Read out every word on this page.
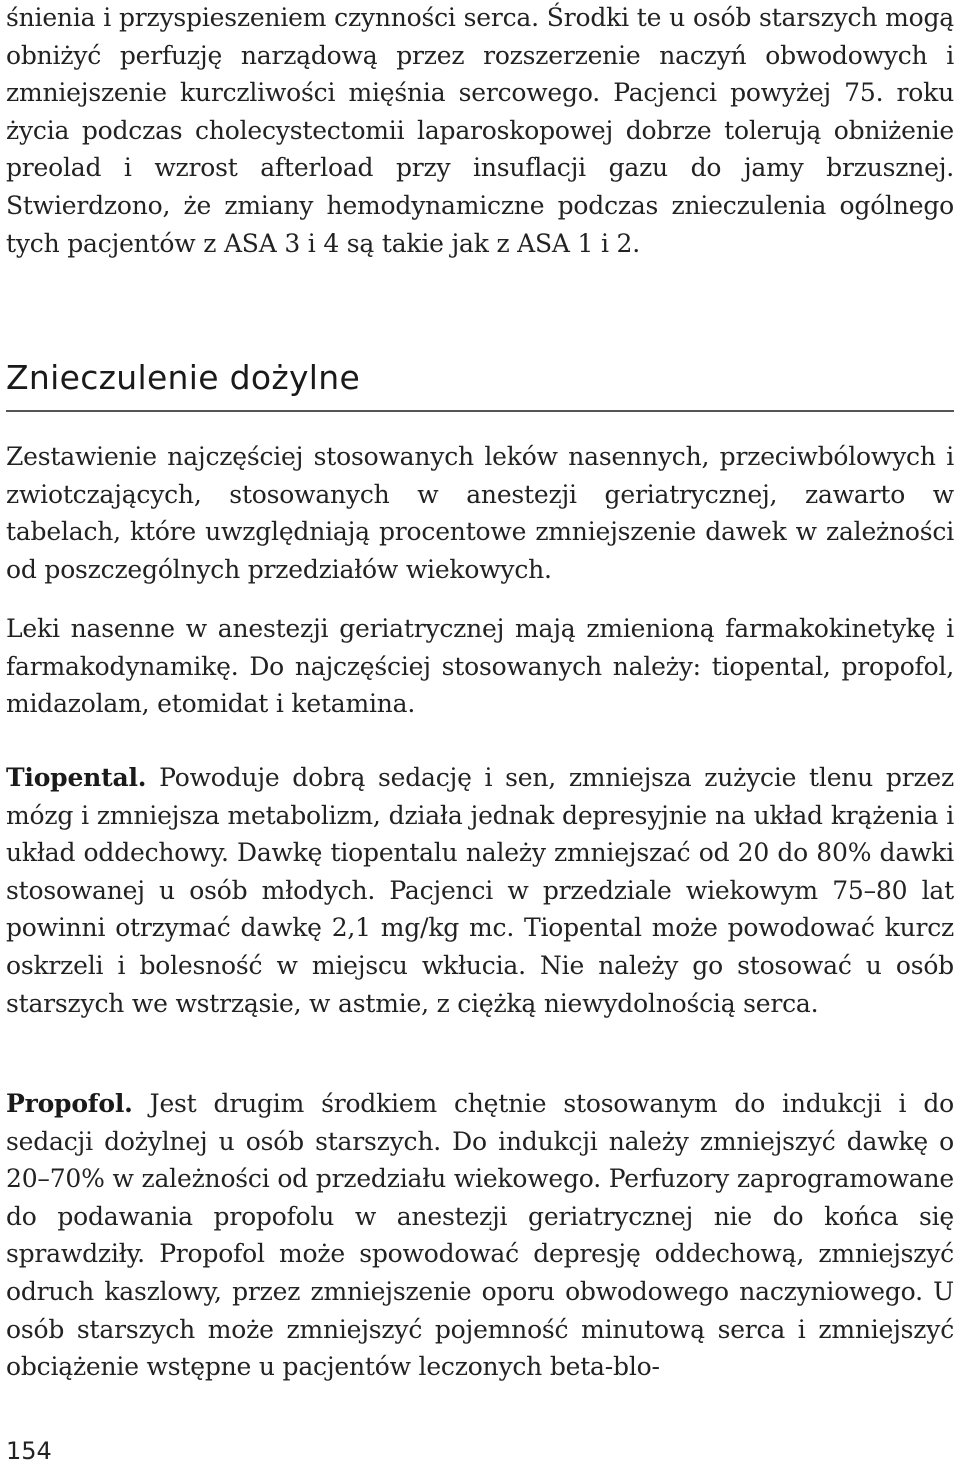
śnienia i przyspieszeniem czynności serca. Środki te u osób starszych mogą obniżyć perfuzję narządową przez rozszerzenie naczyń obwodowych i zmniejszenie kurczliwości mięśnia sercowego. Pacjenci powyżej 75. roku życia podczas cholecystectomii laparoskopowej dobrze tolerują obniżenie preolad i wzrost afterload przy insuflacji gazu do jamy brzusznej. Stwierdzono, że zmiany hemodynamiczne podczas znieczulenia ogólnego tych pacjentów z ASA 3 i 4 są takie jak z ASA 1 i 2.

Znieczulenie dożylne

Zestawienie najczęściej stosowanych leków nasennych, przeciwbólowych i zwiotczających, stosowanych w anestezji geriatrycznej, zawarto w tabelach, które uwzględniają procentowe zmniejszenie dawek w zależności od poszczególnych przedziałów wiekowych.

Leki nasenne w anestezji geriatrycznej mają zmienioną farmakokinetykę i farmakodynamikę. Do najczęściej stosowanych należy: tiopental, propofol, midazolam, etomidat i ketamina.

Tiopental. Powoduje dobrą sedację i sen, zmniejsza zużycie tlenu przez mózg i zmniejsza metabolizm, działa jednak depresyjnie na układ krążenia i układ oddechowy. Dawkę tiopentalu należy zmniejszać od 20 do 80% dawki stosowanej u osób młodych. Pacjenci w przedziale wiekowym 75–80 lat powinni otrzymać dawkę 2,1 mg/kg mc. Tiopental może powodować kurcz oskrzeli i bolesność w miejscu wkłucia. Nie należy go stosować u osób starszych we wstrząsie, w astmie, z ciężką niewydolnością serca.

Propofol. Jest drugim środkiem chętnie stosowanym do indukcji i do sedacji dożylnej u osób starszych. Do indukcji należy zmniejszyć dawkę o 20–70% w zależności od przedziału wiekowego. Perfuzory zaprogramowane do podawania propofolu w anestezji geriatrycznej nie do końca się sprawdziły. Propofol może spowodować depresję oddechową, zmniejszyć odruch kaszlowy, przez zmniejszenie oporu obwodowego naczyniowego. U osób starszych może zmniejszyć pojemność minutową serca i zmniejszyć obciążenie wstępne u pacjentów leczonych beta-blo-

154
